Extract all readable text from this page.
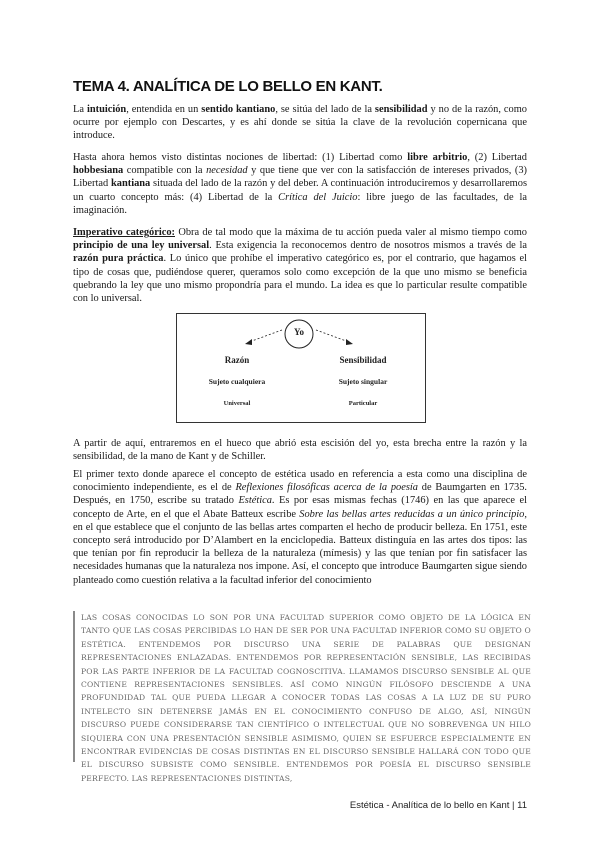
TEMA 4. ANALÍTICA DE LO BELLO EN KANT.

La intuición, entendida en un sentido kantiano, se sitúa del lado de la sensibilidad y no de la razón, como ocurre por ejemplo con Descartes, y es ahí donde se sitúa la clave de la revolución copernicana que introduce.

Hasta ahora hemos visto distintas nociones de libertad: (1) Libertad como libre arbitrio, (2) Libertad hobbesiana compatible con la necesidad y que tiene que ver con la satisfacción de intereses privados, (3) Libertad kantiana situada del lado de la razón y del deber. A continuación introduciremos y desarrollaremos un cuarto concepto más: (4) Libertad de la Crítica del Juicio: libre juego de las facultades, de la imaginación.

Imperativo categórico: Obra de tal modo que la máxima de tu acción pueda valer al mismo tiempo como principio de una ley universal. Esta exigencia la reconocemos dentro de nosotros mismos a través de la razón pura práctica. Lo único que prohíbe el imperativo categórico es, por el contrario, que hagamos el tipo de cosas que, pudiéndose querer, queramos solo como excepción de la que uno mismo se beneficia quebrando la ley que uno mismo propondría para el mundo. La idea es que lo particular resulte compatible con lo universal.

Yo
Razón
Sujeto cualquiera
Universal
Sensibilidad
Sujeto singular
Particular

A partir de aquí, entraremos en el hueco que abrió esta escisión del yo, esta brecha entre la razón y la sensibilidad, de la mano de Kant y de Schiller.

El primer texto donde aparece el concepto de estética usado en referencia a esta como una disciplina de conocimiento independiente, es el de Reflexiones filosóficas acerca de la poesía de Baumgarten en 1735. Después, en 1750, escribe su tratado Estética. Es por esas mismas fechas (1746) en las que aparece el concepto de Arte, en el que el Abate Batteux escribe Sobre las bellas artes reducidas a un único principio, en el que establece que el conjunto de las bellas artes comparten el hecho de producir belleza. En 1751, este concepto será introducido por D’Alambert en la enciclopedia. Batteux distinguía en las artes dos tipos: las que tenían por fin reproducir la belleza de la naturaleza (mímesis) y las que tenían por fin satisfacer las necesidades humanas que la naturaleza nos impone. Así, el concepto que introduce Baumgarten sigue siendo planteado como cuestión relativa a la facultad inferior del conocimiento

LAS COSAS CONOCIDAS LO SON POR UNA FACULTAD SUPERIOR COMO OBJETO DE LA LÓGICA EN TANTO QUE LAS COSAS PERCIBIDAS LO HAN DE SER POR UNA FACULTAD INFERIOR COMO SU OBJETO O ESTÉTICA. ENTENDEMOS POR DISCURSO UNA SERIE DE PALABRAS QUE DESIGNAN REPRESENTACIONES ENLAZADAS. ENTENDEMOS POR REPRESENTACIÓN SENSIBLE, LAS RECIBIDAS POR LAS PARTE INFERIOR DE LA FACULTAD COGNOSCITIVA. LLAMAMOS DISCURSO SENSIBLE AL QUE CONTIENE REPRESENTACIONES SENSIBLES. ASÍ COMO NINGÚN FILÓSOFO DESCIENDE A UNA PROFUNDIDAD TAL QUE PUEDA LLEGAR A CONOCER TODAS LAS COSAS A LA LUZ DE SU PURO INTELECTO SIN DETENERSE JAMÁS EN EL CONOCIMIENTO CONFUSO DE ALGO, ASÍ, NINGÚN DISCURSO PUEDE CONSIDERARSE TAN CIENTÍFICO O INTELECTUAL QUE NO SOBREVENGA UN HILO SIQUIERA CON UNA PRESENTACIÓN SENSIBLE ASIMISMO, QUIEN SE ESFUERCE ESPECIALMENTE EN ENCONTRAR EVIDENCIAS DE COSAS DISTINTAS EN EL DISCURSO SENSIBLE HALLARÁ CON TODO QUE EL DISCURSO SUBSISTE COMO SENSIBLE. ENTENDEMOS POR POESÍA EL DISCURSO SENSIBLE PERFECTO. LAS REPRESENTACIONES DISTINTAS,

Estética - Analítica de lo bello en Kant | 11
